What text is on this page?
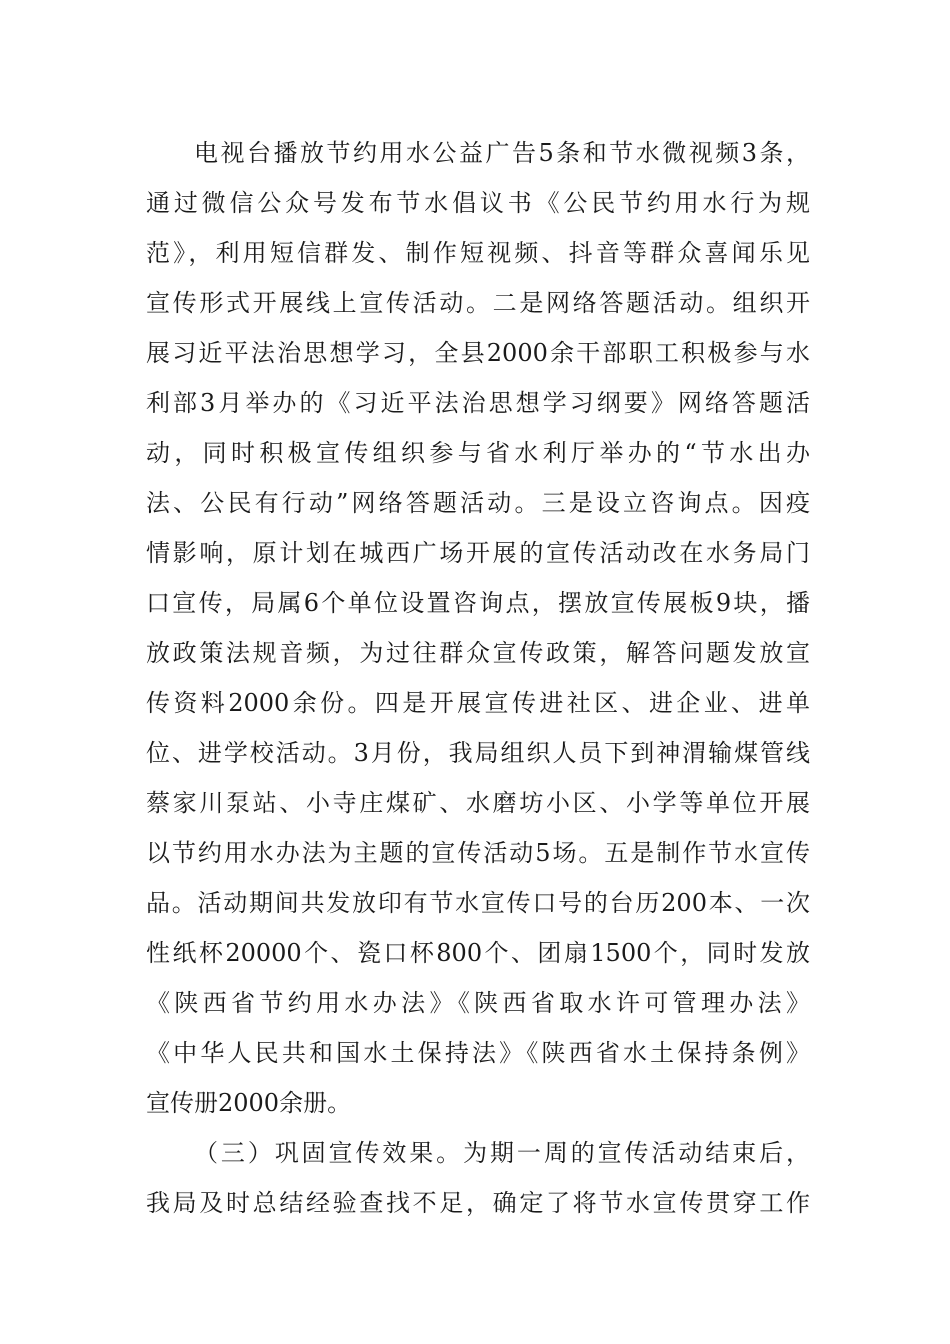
电视台播放节约用水公益广告5条和节水微视频3条，
通过微信公众号发布节水倡议书《公民节约用水行为规
范》，利用短信群发、制作短视频、抖音等群众喜闻乐见
宣传形式开展线上宣传活动。二是网络答题活动。组织开
展习近平法治思想学习，全县2000余干部职工积极参与水
利部3月举办的《习近平法治思想学习纲要》网络答题活
动，同时积极宣传组织参与省水利厅举办的“节水出办
法、公民有行动”网络答题活动。三是设立咨询点。因疫
情影响，原计划在城西广场开展的宣传活动改在水务局门
口宣传，局属6个单位设置咨询点，摆放宣传展板9块，播
放政策法规音频，为过往群众宣传政策，解答问题发放宣
传资料2000余份。四是开展宣传进社区、进企业、进单
位、进学校活动。3月份，我局组织人员下到神渭输煤管线
蔡家川泵站、小寺庄煤矿、水磨坊小区、小学等单位开展
以节约用水办法为主题的宣传活动5场。五是制作节水宣传
品。活动期间共发放印有节水宣传口号的台历200本、一次
性纸杯20000个、瓷口杯800个、团扇1500个，同时发放
《陕西省节约用水办法》《陕西省取水许可管理办法》
《中华人民共和国水土保持法》《陕西省水土保持条例》
宣传册2000余册。
（三）巩固宣传效果。为期一周的宣传活动结束后，
我局及时总结经验查找不足，确定了将节水宣传贯穿工作
